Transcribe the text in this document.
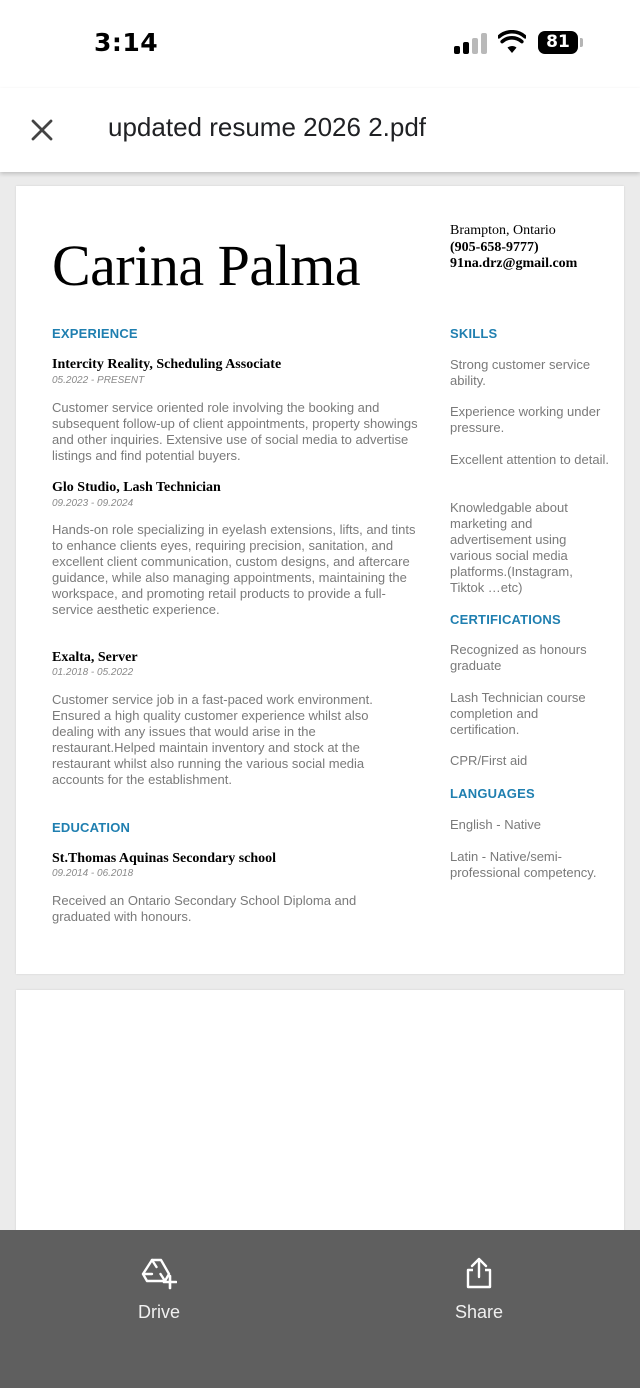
3:14	81
updated resume 2026 2.pdf
Carina Palma
Brampton, Ontario
(905-658-9777)
91na.drz@gmail.com
EXPERIENCE
Intercity Reality, Scheduling Associate
05.2022 - PRESENT
Customer service oriented role involving the booking and subsequent follow-up of client appointments, property showings and other inquiries. Extensive use of social media to advertise listings and find potential buyers.
Glo Studio, Lash Technician
09.2023 - 09.2024
Hands-on role specializing in eyelash extensions, lifts, and tints to enhance clients eyes, requiring precision, sanitation, and excellent client communication, custom designs, and aftercare guidance, while also managing appointments, maintaining the workspace, and promoting retail products to provide a full-service aesthetic experience.
Exalta, Server
01.2018 - 05.2022
Customer service job in a fast-paced work environment. Ensured a high quality customer experience whilst also dealing with any issues that would arise in the restaurant.Helped maintain inventory and stock at the restaurant whilst also running the various social media accounts for the establishment.
EDUCATION
St.Thomas Aquinas Secondary school
09.2014 - 06.2018
Received an Ontario Secondary School Diploma and graduated with honours.
SKILLS
Strong customer service ability.
Experience working under pressure.
Excellent attention to detail.
Knowledgable about marketing and advertisement using various social media platforms.(Instagram, Tiktok …etc)
CERTIFICATIONS
Recognized as honours graduate
Lash Technician course completion and certification.
CPR/First aid
LANGUAGES
English - Native
Latin - Native/semi-professional competency.
Drive	Share
